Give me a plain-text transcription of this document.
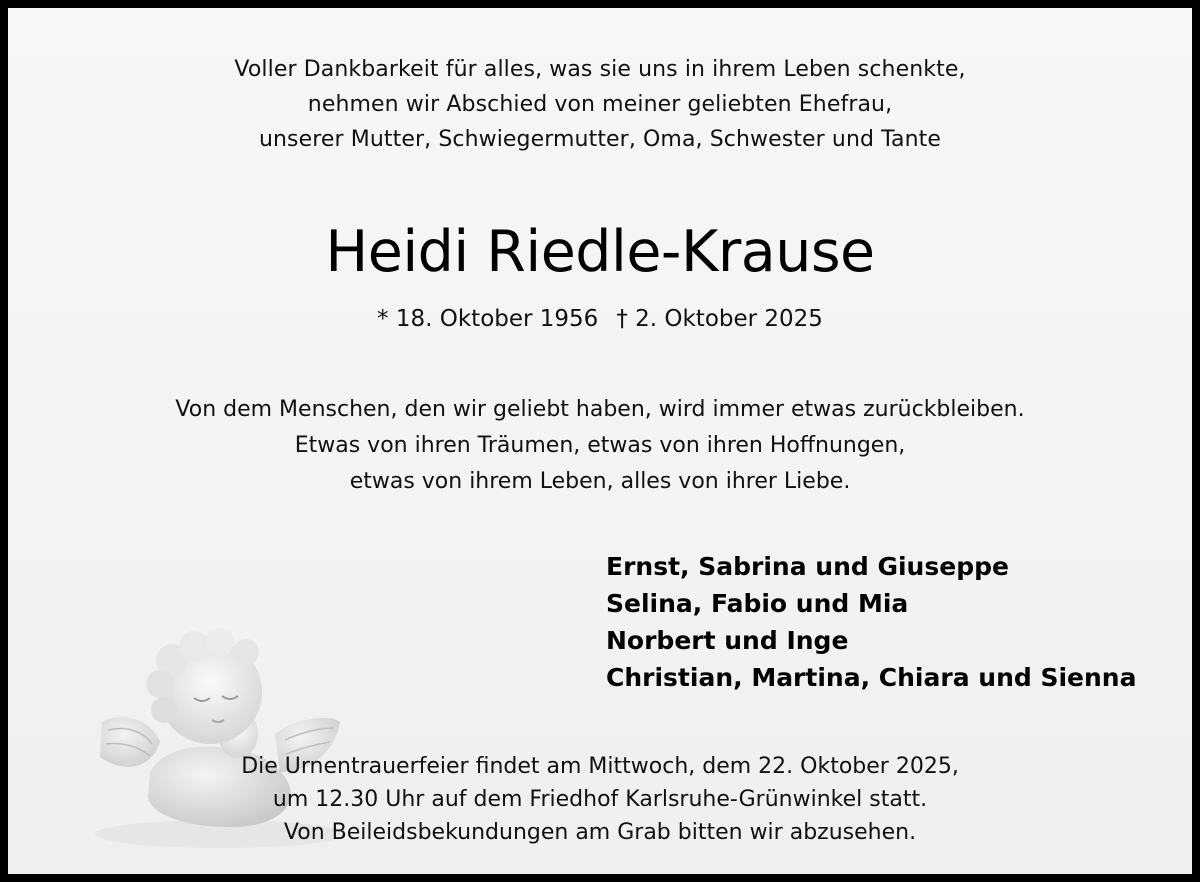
Voller Dankbarkeit für alles, was sie uns in ihrem Leben schenkte,
nehmen wir Abschied von meiner geliebten Ehefrau,
unserer Mutter, Schwiegermutter, Oma, Schwester und Tante
Heidi Riedle-Krause
* 18. Oktober 1956 † 2. Oktober 2025
Von dem Menschen, den wir geliebt haben, wird immer etwas zurückbleiben.
Etwas von ihren Träumen, etwas von ihren Hoffnungen,
etwas von ihrem Leben, alles von ihrer Liebe.
Ernst, Sabrina und Giuseppe
Selina, Fabio und Mia
Norbert und Inge
Christian, Martina, Chiara und Sienna
Die Urnentrauerfeier findet am Mittwoch, dem 22. Oktober 2025,
um 12.30 Uhr auf dem Friedhof Karlsruhe-Grünwinkel statt.
Von Beileidsbekundungen am Grab bitten wir abzusehen.
